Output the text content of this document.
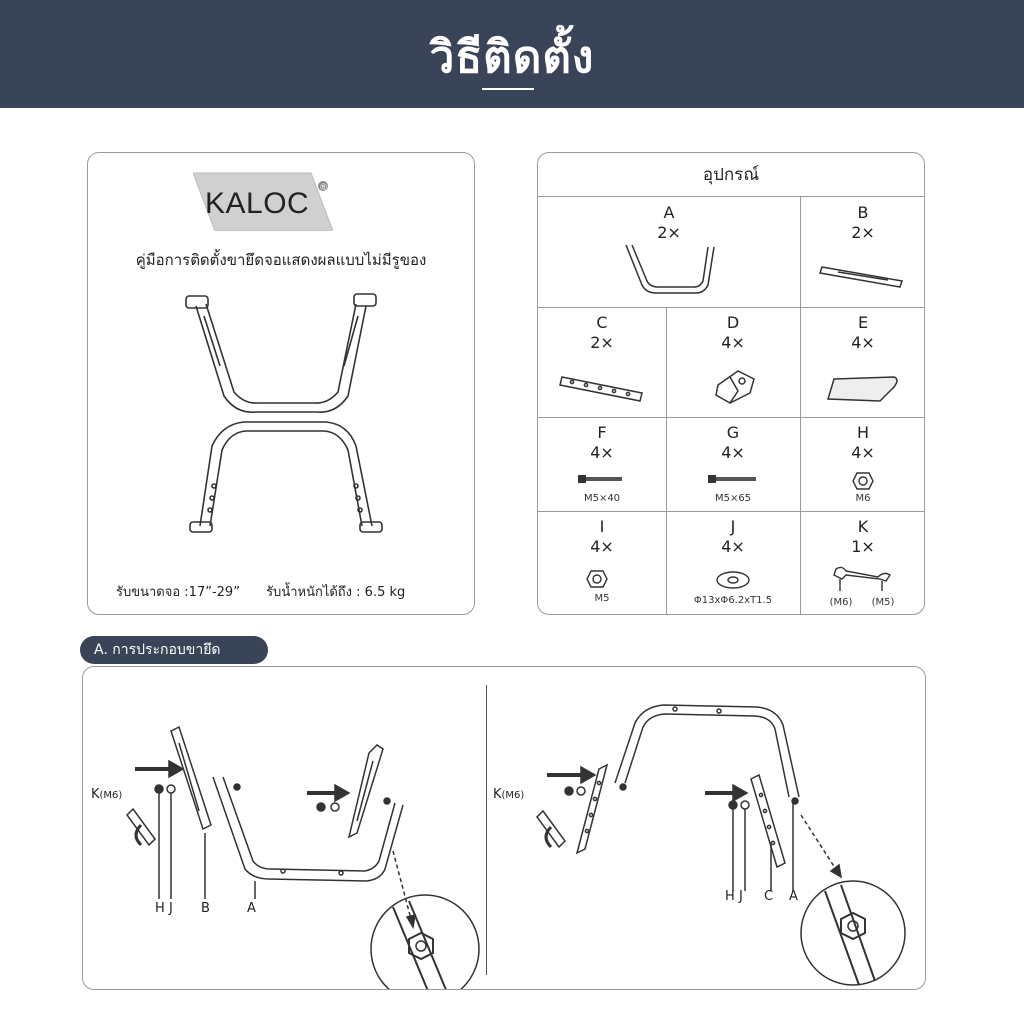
วิธีติดตั้ง
KALOC ®
คู่มือการติดตั้งขายึดจอแสดงผลแบบไม่มีรูของ
รับขนาดจอ :17”-29” รับน้ำหนักได้ถึง : 6.5 kg
อุปกรณ์
A
2×
B
2×
C
2×
D
4×
E
4×
F
4×
M5×40
G
4×
M5×65
H
4×
M6
I
4×
M5
J
4×
Φ13xΦ6.2xT1.5
K
1×
(M6)	(M5)
A. การประกอบขายึด
K(M6)
H J B	A
K(M6)
H J C A
